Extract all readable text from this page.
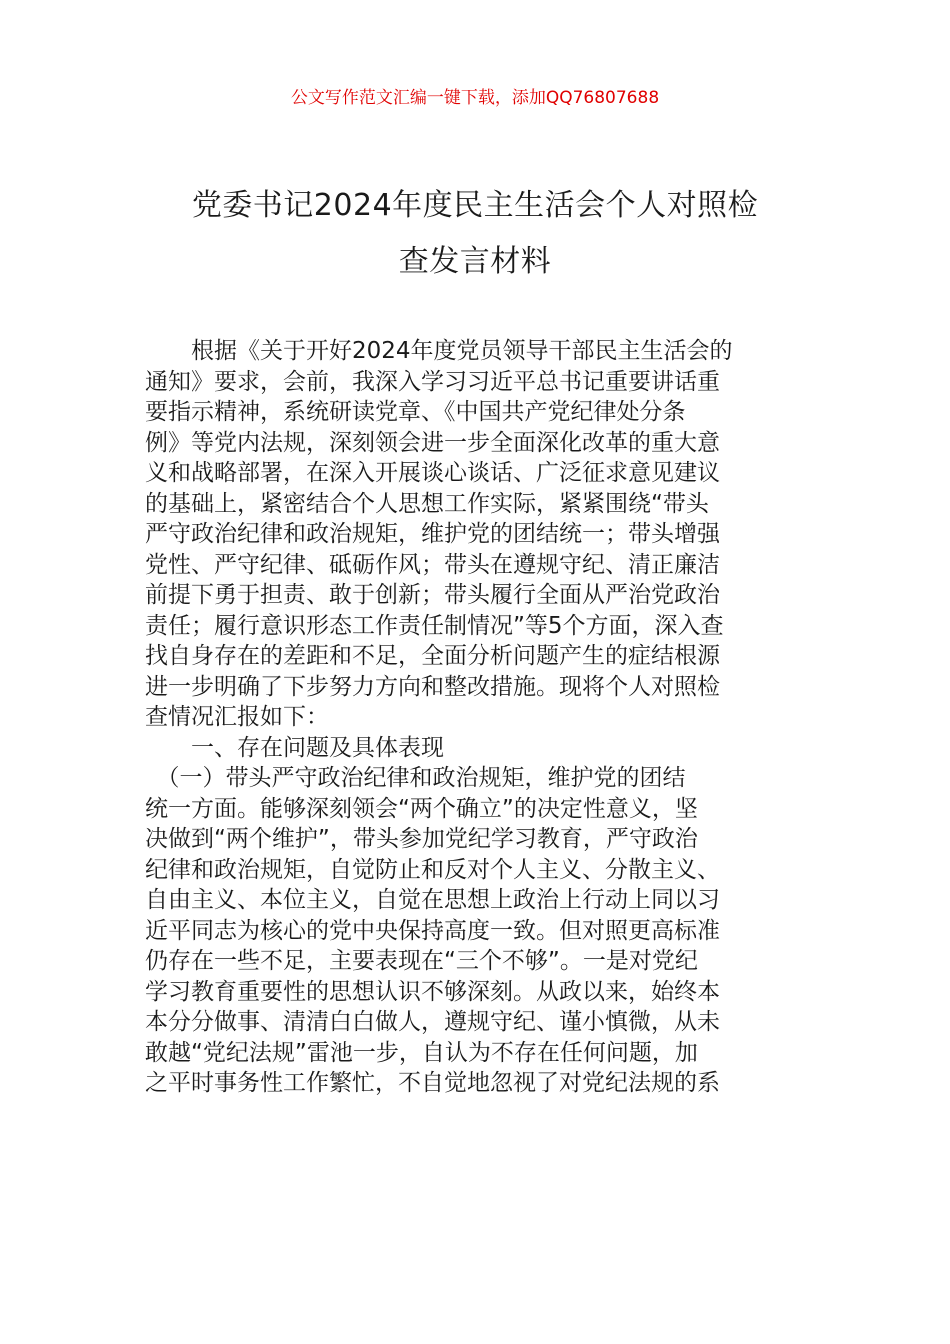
公文写作范文汇编一键下载，添加QQ76807688
党委书记2024年度民主生活会个人对照检
查发言材料
　　根据《关于开好2024年度党员领导干部民主生活会的
通知》要求，会前，我深入学习习近平总书记重要讲话重
要指示精神，系统研读党章、《中国共产党纪律处分条
例》等党内法规，深刻领会进一步全面深化改革的重大意
义和战略部署，在深入开展谈心谈话、广泛征求意见建议
的基础上，紧密结合个人思想工作实际，紧紧围绕“带头
严守政治纪律和政治规矩，维护党的团结统一；带头增强
党性、严守纪律、砥砺作风；带头在遵规守纪、清正廉洁
前提下勇于担责、敢于创新；带头履行全面从严治党政治
责任；履行意识形态工作责任制情况”等5个方面，深入查
找自身存在的差距和不足，全面分析问题产生的症结根源
进一步明确了下步努力方向和整改措施。现将个人对照检
查情况汇报如下：
　　一、存在问题及具体表现
　（一）带头严守政治纪律和政治规矩，维护党的团结
统一方面。能够深刻领会“两个确立”的决定性意义，坚
决做到“两个维护”，带头参加党纪学习教育，严守政治
纪律和政治规矩，自觉防止和反对个人主义、分散主义、
自由主义、本位主义，自觉在思想上政治上行动上同以习
近平同志为核心的党中央保持高度一致。但对照更高标准
仍存在一些不足，主要表现在“三个不够”。一是对党纪
学习教育重要性的思想认识不够深刻。从政以来，始终本
本分分做事、清清白白做人，遵规守纪、谨小慎微，从未
敢越“党纪法规”雷池一步，自认为不存在任何问题，加
之平时事务性工作繁忙，不自觉地忽视了对党纪法规的系
